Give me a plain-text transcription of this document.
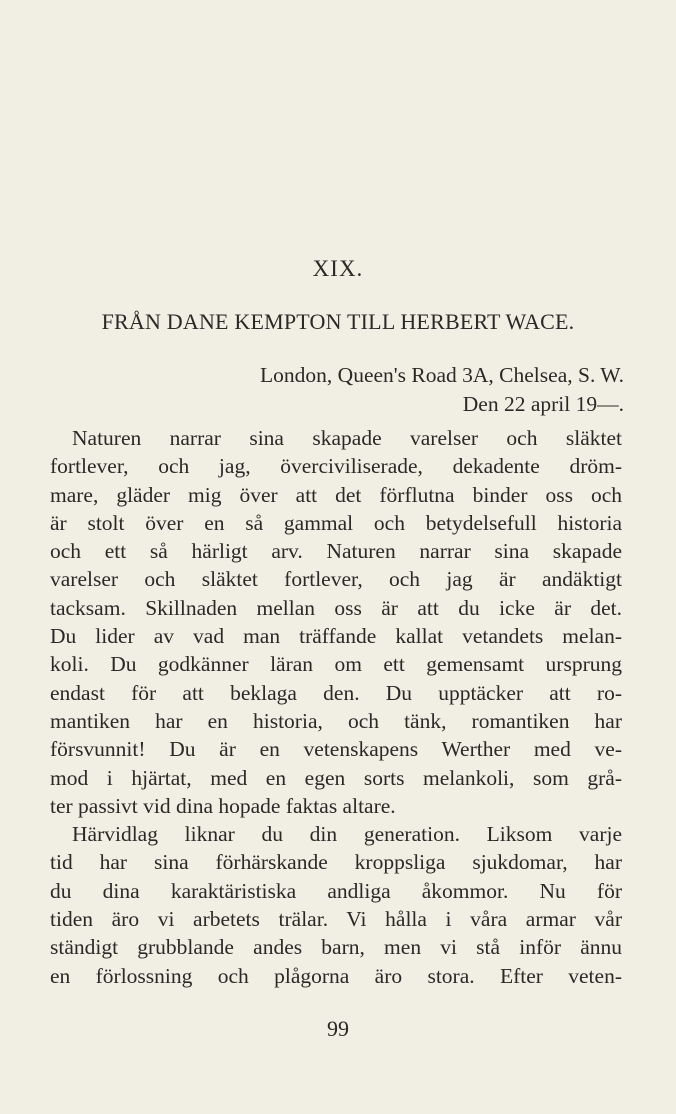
XIX.
FRÅN DANE KEMPTON TILL HERBERT WACE.
London, Queen's Road 3A, Chelsea, S. W.
Den 22 april 19—.
Naturen narrar sina skapade varelser och släktet
fortlever, och jag, överciviliserade, dekadente dröm-
mare, gläder mig över att det förflutna binder oss och
är stolt över en så gammal och betydelsefull historia
och ett så härligt arv. Naturen narrar sina skapade
varelser och släktet fortlever, och jag är andäktigt
tacksam. Skillnaden mellan oss är att du icke är det.
Du lider av vad man träffande kallat vetandets melan-
koli. Du godkänner läran om ett gemensamt ursprung
endast för att beklaga den. Du upptäcker att ro-
mantiken har en historia, och tänk, romantiken har
försvunnit! Du är en vetenskapens Werther med ve-
mod i hjärtat, med en egen sorts melankoli, som grå-
ter passivt vid dina hopade faktas altare.
Härvidlag liknar du din generation. Liksom varje
tid har sina förhärskande kroppsliga sjukdomar, har
du dina karaktäristiska andliga åkommor. Nu för
tiden äro vi arbetets trälar. Vi hålla i våra armar vår
ständigt grubblande andes barn, men vi stå inför ännu
en förlossning och plågorna äro stora. Efter veten-
99
